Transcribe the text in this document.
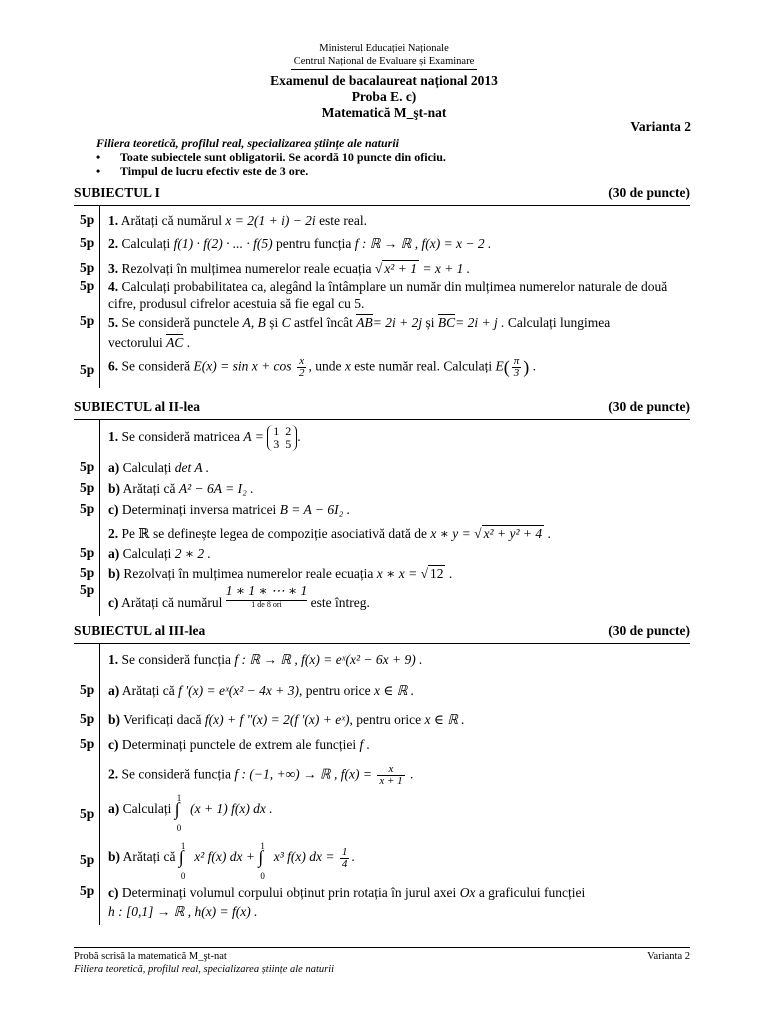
Ministerul Educației Naționale
Centrul Național de Evaluare și Examinare
Examenul de bacalaureat național 2013
Proba E. c)
Matematică M_şt-nat
Varianta 2
Filiera teoretică, profilul real, specializarea științe ale naturii
• Toate subiectele sunt obligatorii. Se acordă 10 puncte din oficiu.
• Timpul de lucru efectiv este de 3 ore.
SUBIECTUL I	(30 de puncte)
5p 1. Arătați că numărul x = 2(1 + i) − 2i este real.
5p 2. Calculați f(1) · f(2) · ... · f(5) pentru funcția f : ℝ → ℝ , f(x) = x − 2 .
5p 3. Rezolvați în mulțimea numerelor reale ecuația √ x² + 1 = x + 1 .
5p 4. Calculați probabilitatea ca, alegând la întâmplare un număr din mulțimea numerelor naturale de două cifre, produsul cifrelor acestuia să fie egal cu 5.
5p 5. Se consideră punctele A, B și C astfel încât AB= 2i + 2j și BC= 2i + j . Calculați lungimea
vectorului AC .
5p 6. Se consideră $E(x) = \sin x + \cos \frac{x}{2}$ , unde x este număr real. Calculați $E( \frac{\pi}{3}$ ) .
SUBIECTUL al II-lea	(30 de puncte)
1. Se consideră matricea A = 1 2
3 5 .
5p a) Calculați det A .
5p b) Arătați că A² − 6A = I₂ .
5p c) Determinați inversa matricei B = A − 6I₂ .
2. Pe ℝ se definește legea de compoziție asociativă dată de x ∗ y = √ x² + y² + 4 .
5p a) Calculați 2 ∗ 2 .
5p b) Rezolvați în mulțimea numerelor reale ecuația x ∗ x = √ 12 .
5p
c) Arătați că numărul 1 ∗ 1 ∗ ⋯ ∗ 1
1 de 8 ori	este întreg.
SUBIECTUL al III-lea	(30 de puncte)
1. Se consideră funcția f : ℝ → ℝ , f(x) = eˣ(x² − 6x + 9) .
5p a) Arătați că f '(x) = eˣ(x² − 4x + 3), pentru orice x ∈ ℝ .
5p b) Verificați dacă f(x) + f "(x) = 2(f '(x) + eˣ), pentru orice x ∈ ℝ .
5p c) Determinați punctele de extrem ale funcției f .
2. Se consideră funcția f : (−1, +∞) → ℝ , $f(x) = \frac{x}{x + 1}$ .
5p a) Calculați
1
∫
0
(x + 1) f(x) dx .
5p b) Arătați că
1
∫
0
x² f(x) dx +
1
∫
0
x³ f(x) dx = $\frac{1}{4}$ .
5p c) Determinați volumul corpului obținut prin rotația în jurul axei Ox a graficului funcției
h : [0,1] → ℝ , h(x) = f(x) .
Probă scrisă la matematică M_şt-nat
Filiera teoretică, profilul real, specializarea științe ale naturii
Varianta 2
